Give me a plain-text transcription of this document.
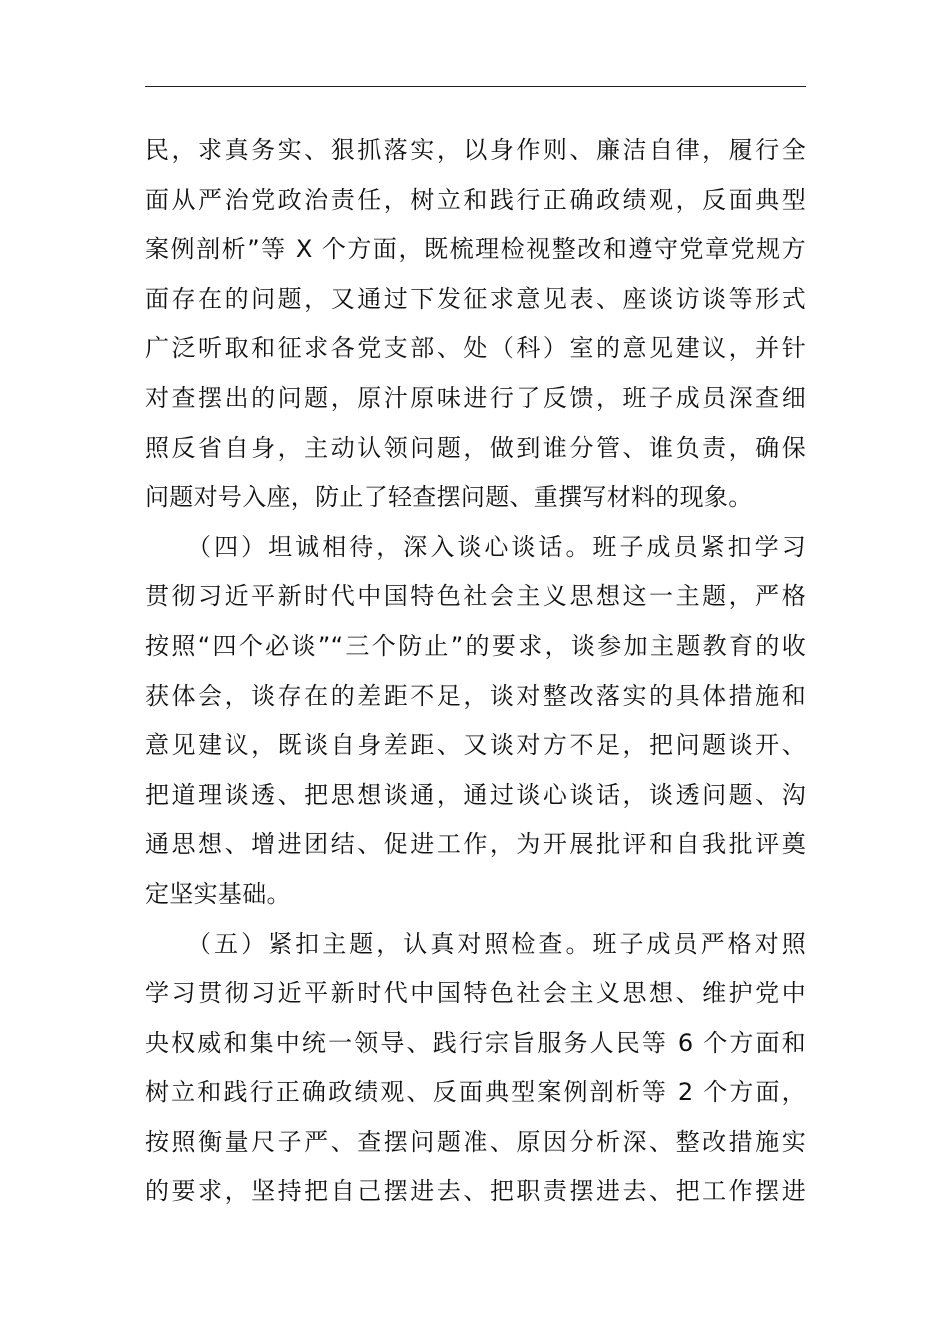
民，求真务实、狠抓落实，以身作则、廉洁自律，履行全
面从严治党政治责任，树立和践行正确政绩观，反面典型
案例剖析”等 X 个方面，既梳理检视整改和遵守党章党规方
面存在的问题，又通过下发征求意见表、座谈访谈等形式
广泛听取和征求各党支部、处（科）室的意见建议，并针
对查摆出的问题，原汁原味进行了反馈，班子成员深查细
照反省自身，主动认领问题，做到谁分管、谁负责，确保
问题对号入座，防止了轻查摆问题、重撰写材料的现象。
　　（四）坦诚相待，深入谈心谈话。班子成员紧扣学习
贯彻习近平新时代中国特色社会主义思想这一主题，严格
按照“四个必谈”“三个防止”的要求，谈参加主题教育的收
获体会，谈存在的差距不足，谈对整改落实的具体措施和
意见建议，既谈自身差距、又谈对方不足，把问题谈开、
把道理谈透、把思想谈通，通过谈心谈话，谈透问题、沟
通思想、增进团结、促进工作，为开展批评和自我批评奠
定坚实基础。
　　（五）紧扣主题，认真对照检查。班子成员严格对照
学习贯彻习近平新时代中国特色社会主义思想、维护党中
央权威和集中统一领导、践行宗旨服务人民等 6 个方面和
树立和践行正确政绩观、反面典型案例剖析等 2 个方面，
按照衡量尺子严、查摆问题准、原因分析深、整改措施实
的要求，坚持把自己摆进去、把职责摆进去、把工作摆进
